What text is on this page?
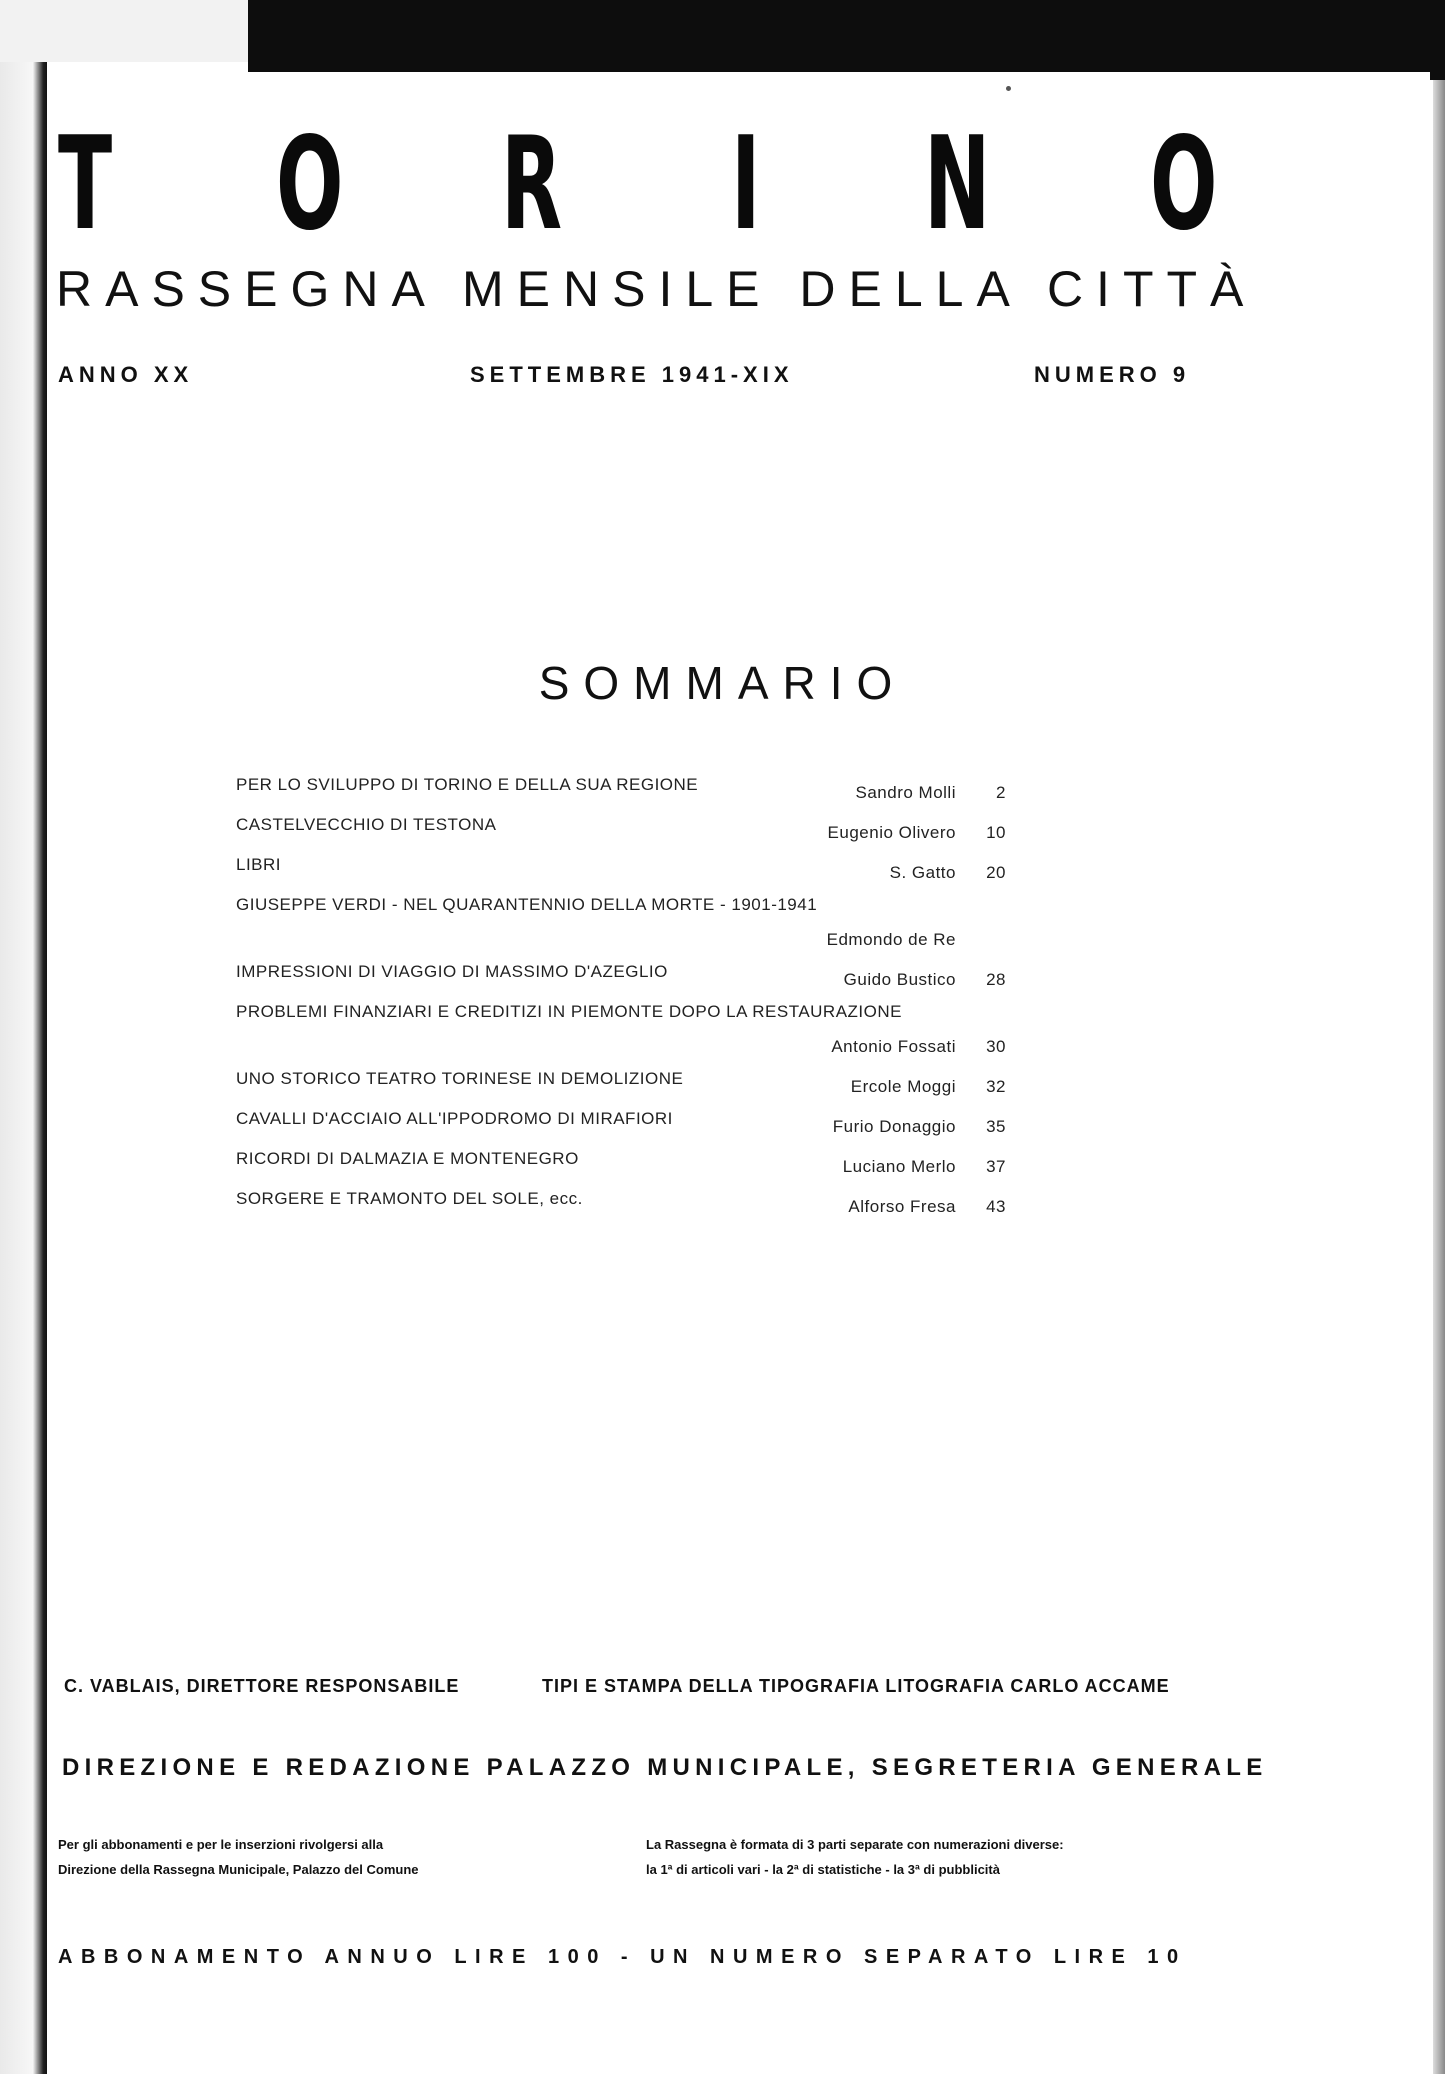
T O R I N O
RASSEGNA MENSILE DELLA CITTÀ
ANNO XX	SETTEMBRE 1941-XIX	NUMERO 9
SOMMARIO
PER LO SVILUPPO DI TORINO E DELLA SUA REGIONE	Sandro Molli	2
CASTELVECCHIO DI TESTONA	Eugenio Olivero	10
LIBRI	S. Gatto	20
GIUSEPPE VERDI - NEL QUARANTENNIO DELLA MORTE - 1901-1941
Edmondo de Re
IMPRESSIONI DI VIAGGIO DI MASSIMO D'AZEGLIO	Guido Bustico	28
PROBLEMI FINANZIARI E CREDITIZI IN PIEMONTE DOPO LA RESTAURAZIONE
Antonio Fossati	30
UNO STORICO TEATRO TORINESE IN DEMOLIZIONE	Ercole Moggi	32
CAVALLI D'ACCIAIO ALL'IPPODROMO DI MIRAFIORI	Furio Donaggio	35
RICORDI DI DALMAZIA E MONTENEGRO	Luciano Merlo	37
SORGERE E TRAMONTO DEL SOLE, ecc.	Alforso Fresa	43
C. VABLAIS, DIRETTORE RESPONSABILE	TIPI E STAMPA DELLA TIPOGRAFIA LITOGRAFIA CARLO ACCAME
DIREZIONE E REDAZIONE PALAZZO MUNICIPALE, SEGRETERIA GENERALE
Per gli abbonamenti e per le inserzioni rivolgersi alla
Direzione della Rassegna Municipale, Palazzo del Comune
La Rassegna è formata di 3 parti separate con numerazioni diverse:
la 1ª di articoli vari - la 2ª di statistiche - la 3ª di pubblicità
ABBONAMENTO ANNUO LIRE 100 - UN NUMERO SEPARATO LIRE 10
